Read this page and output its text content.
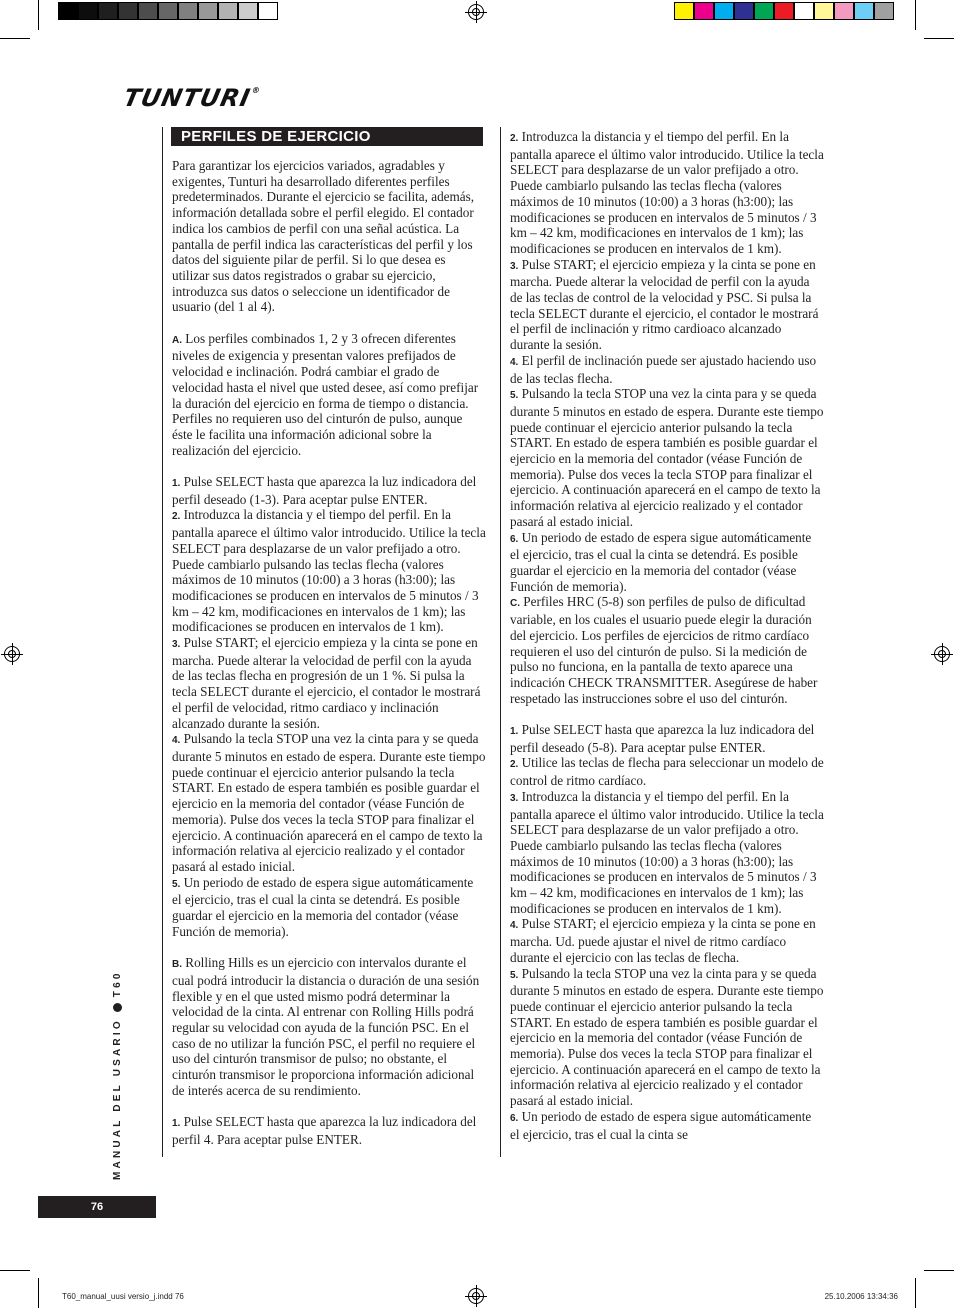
TUNTURI®
PERFILES DE EJERCICIO

Para garantizar los ejercicios variados, agradables y exigentes, Tunturi ha desarrollado diferentes perfiles predeterminados. Durante el ejercicio se facilita, además, información detallada sobre el perfil elegido. El contador indica los cambios de perfil con una señal acústica. La pantalla de perfil indica las características del perfil y los datos del siguiente pilar de perfil. Si lo que desea es utilizar sus datos registrados o grabar su ejercicio, introduzca sus datos o seleccione un identificador de usuario (del 1 al 4).

A. Los perfiles combinados 1, 2 y 3 ofrecen diferentes niveles de exigencia y presentan valores prefijados de velocidad e inclinación. Podrá cambiar el grado de velocidad hasta el nivel que usted desee, así como prefijar la duración del ejercicio en forma de tiempo o distancia. Perfiles no requieren uso del cinturón de pulso, aunque éste le facilita una información adicional sobre la realización del ejercicio.

1. Pulse SELECT hasta que aparezca la luz indicadora del perfil deseado (1-3). Para aceptar pulse ENTER.

2. Introduzca la distancia y el tiempo del perfil. En la pantalla aparece el último valor introducido. Utilice la tecla SELECT para desplazarse de un valor prefijado a otro. Puede cambiarlo pulsando las teclas flecha (valores máximos de 10 minutos (10:00) a 3 horas (h3:00); las modificaciones se producen en intervalos de 5 minutos / 3 km – 42 km, modificaciones en intervalos de 1 km); las modificaciones se producen en intervalos de 1 km).

3. Pulse START; el ejercicio empieza y la cinta se pone en marcha. Puede alterar la velocidad de perfil con la ayuda de las teclas flecha en progresión de un 1 %. Si pulsa la tecla SELECT durante el ejercicio, el contador le mostrará el perfil de velocidad, ritmo cardiaco y inclinación alcanzado durante la sesión.

4. Pulsando la tecla STOP una vez la cinta para y se queda durante 5 minutos en estado de espera. Durante este tiempo puede continuar el ejercicio anterior pulsando la tecla START. En estado de espera también es posible guardar el ejercicio en la memoria del contador (véase Función de memoria). Pulse dos veces la tecla STOP para finalizar el ejercicio. A continuación aparecerá en el campo de texto la información relativa al ejercicio realizado y el contador pasará al estado inicial.

5. Un periodo de estado de espera sigue automáticamente el ejercicio, tras el cual la cinta se detendrá. Es posible guardar el ejercicio en la memoria del contador (véase Función de memoria).

B. Rolling Hills es un ejercicio con intervalos durante el cual podrá introducir la distancia o duración de una sesión flexible y en el que usted mismo podrá determinar la velocidad de la cinta. Al entrenar con Rolling Hills podrá regular su velocidad con ayuda de la función PSC. En el caso de no utilizar la función PSC, el perfil no requiere el uso del cinturón transmisor de pulso; no obstante, el cinturón transmisor le proporciona información adicional de interés acerca de su rendimiento.

1. Pulse SELECT hasta que aparezca la luz indicadora del perfil 4. Para aceptar pulse ENTER.

2. Introduzca la distancia y el tiempo del perfil. En la pantalla aparece el último valor introducido. Utilice la tecla SELECT para desplazarse de un valor prefijado a otro. Puede cambiarlo pulsando las teclas flecha (valores máximos de 10 minutos (10:00) a 3 horas (h3:00); las modificaciones se producen en intervalos de 5 minutos / 3 km – 42 km, modificaciones en intervalos de 1 km); las modificaciones se producen en intervalos de 1 km).

3. Pulse START; el ejercicio empieza y la cinta se pone en marcha. Puede alterar la velocidad de perfil con la ayuda de las teclas de control de la velocidad y PSC. Si pulsa la tecla SELECT durante el ejercicio, el contador le mostrará el perfil de inclinación y ritmo cardioaco alcanzado durante la sesión.

4. El perfil de inclinación puede ser ajustado haciendo uso de las teclas flecha.

5. Pulsando la tecla STOP una vez la cinta para y se queda durante 5 minutos en estado de espera. Durante este tiempo puede continuar el ejercicio anterior pulsando la tecla START. En estado de espera también es posible guardar el ejercicio en la memoria del contador (véase Función de memoria). Pulse dos veces la tecla STOP para finalizar el ejercicio. A continuación aparecerá en el campo de texto la información relativa al ejercicio realizado y el contador pasará al estado inicial.

6. Un periodo de estado de espera sigue automáticamente el ejercicio, tras el cual la cinta se detendrá. Es posible guardar el ejercicio en la memoria del contador (véase Función de memoria).

C. Perfiles HRC (5-8) son perfiles de pulso de dificultad variable, en los cuales el usuario puede elegir la duración del ejercicio. Los perfiles de ejercicios de ritmo cardíaco requieren el uso del cinturón de pulso. Si la medición de pulso no funciona, en la pantalla de texto aparece una indicación CHECK TRANSMITTER. Asegúrese de haber respetado las instrucciones sobre el uso del cinturón.

1. Pulse SELECT hasta que aparezca la luz indicadora del perfil deseado (5-8). Para aceptar pulse ENTER.

2. Utilice las teclas de flecha para seleccionar un modelo de control de ritmo cardíaco.

3. Introduzca la distancia y el tiempo del perfil. En la pantalla aparece el último valor introducido. Utilice la tecla SELECT para desplazarse de un valor prefijado a otro. Puede cambiarlo pulsando las teclas flecha (valores máximos de 10 minutos (10:00) a 3 horas (h3:00); las modificaciones se producen en intervalos de 5 minutos / 3 km – 42 km, modificaciones en intervalos de 1 km); las modificaciones se producen en intervalos de 1 km).

4. Pulse START; el ejercicio empieza y la cinta se pone en marcha. Ud. puede ajustar el nivel de ritmo cardíaco durante el ejercicio con las teclas de flecha.

5. Pulsando la tecla STOP una vez la cinta para y se queda durante 5 minutos en estado de espera. Durante este tiempo puede continuar el ejercicio anterior pulsando la tecla START. En estado de espera también es posible guardar el ejercicio en la memoria del contador (véase Función de memoria). Pulse dos veces la tecla STOP para finalizar el ejercicio. A continuación aparecerá en el campo de texto la información relativa al ejercicio realizado y el contador pasará al estado inicial.

6. Un periodo de estado de espera sigue automáticamente el ejercicio, tras el cual la cinta se

MANUAL DEL USARIOT60
76
T60_manual_uusi versio_j.indd 76	25.10.2006 13:34:36
